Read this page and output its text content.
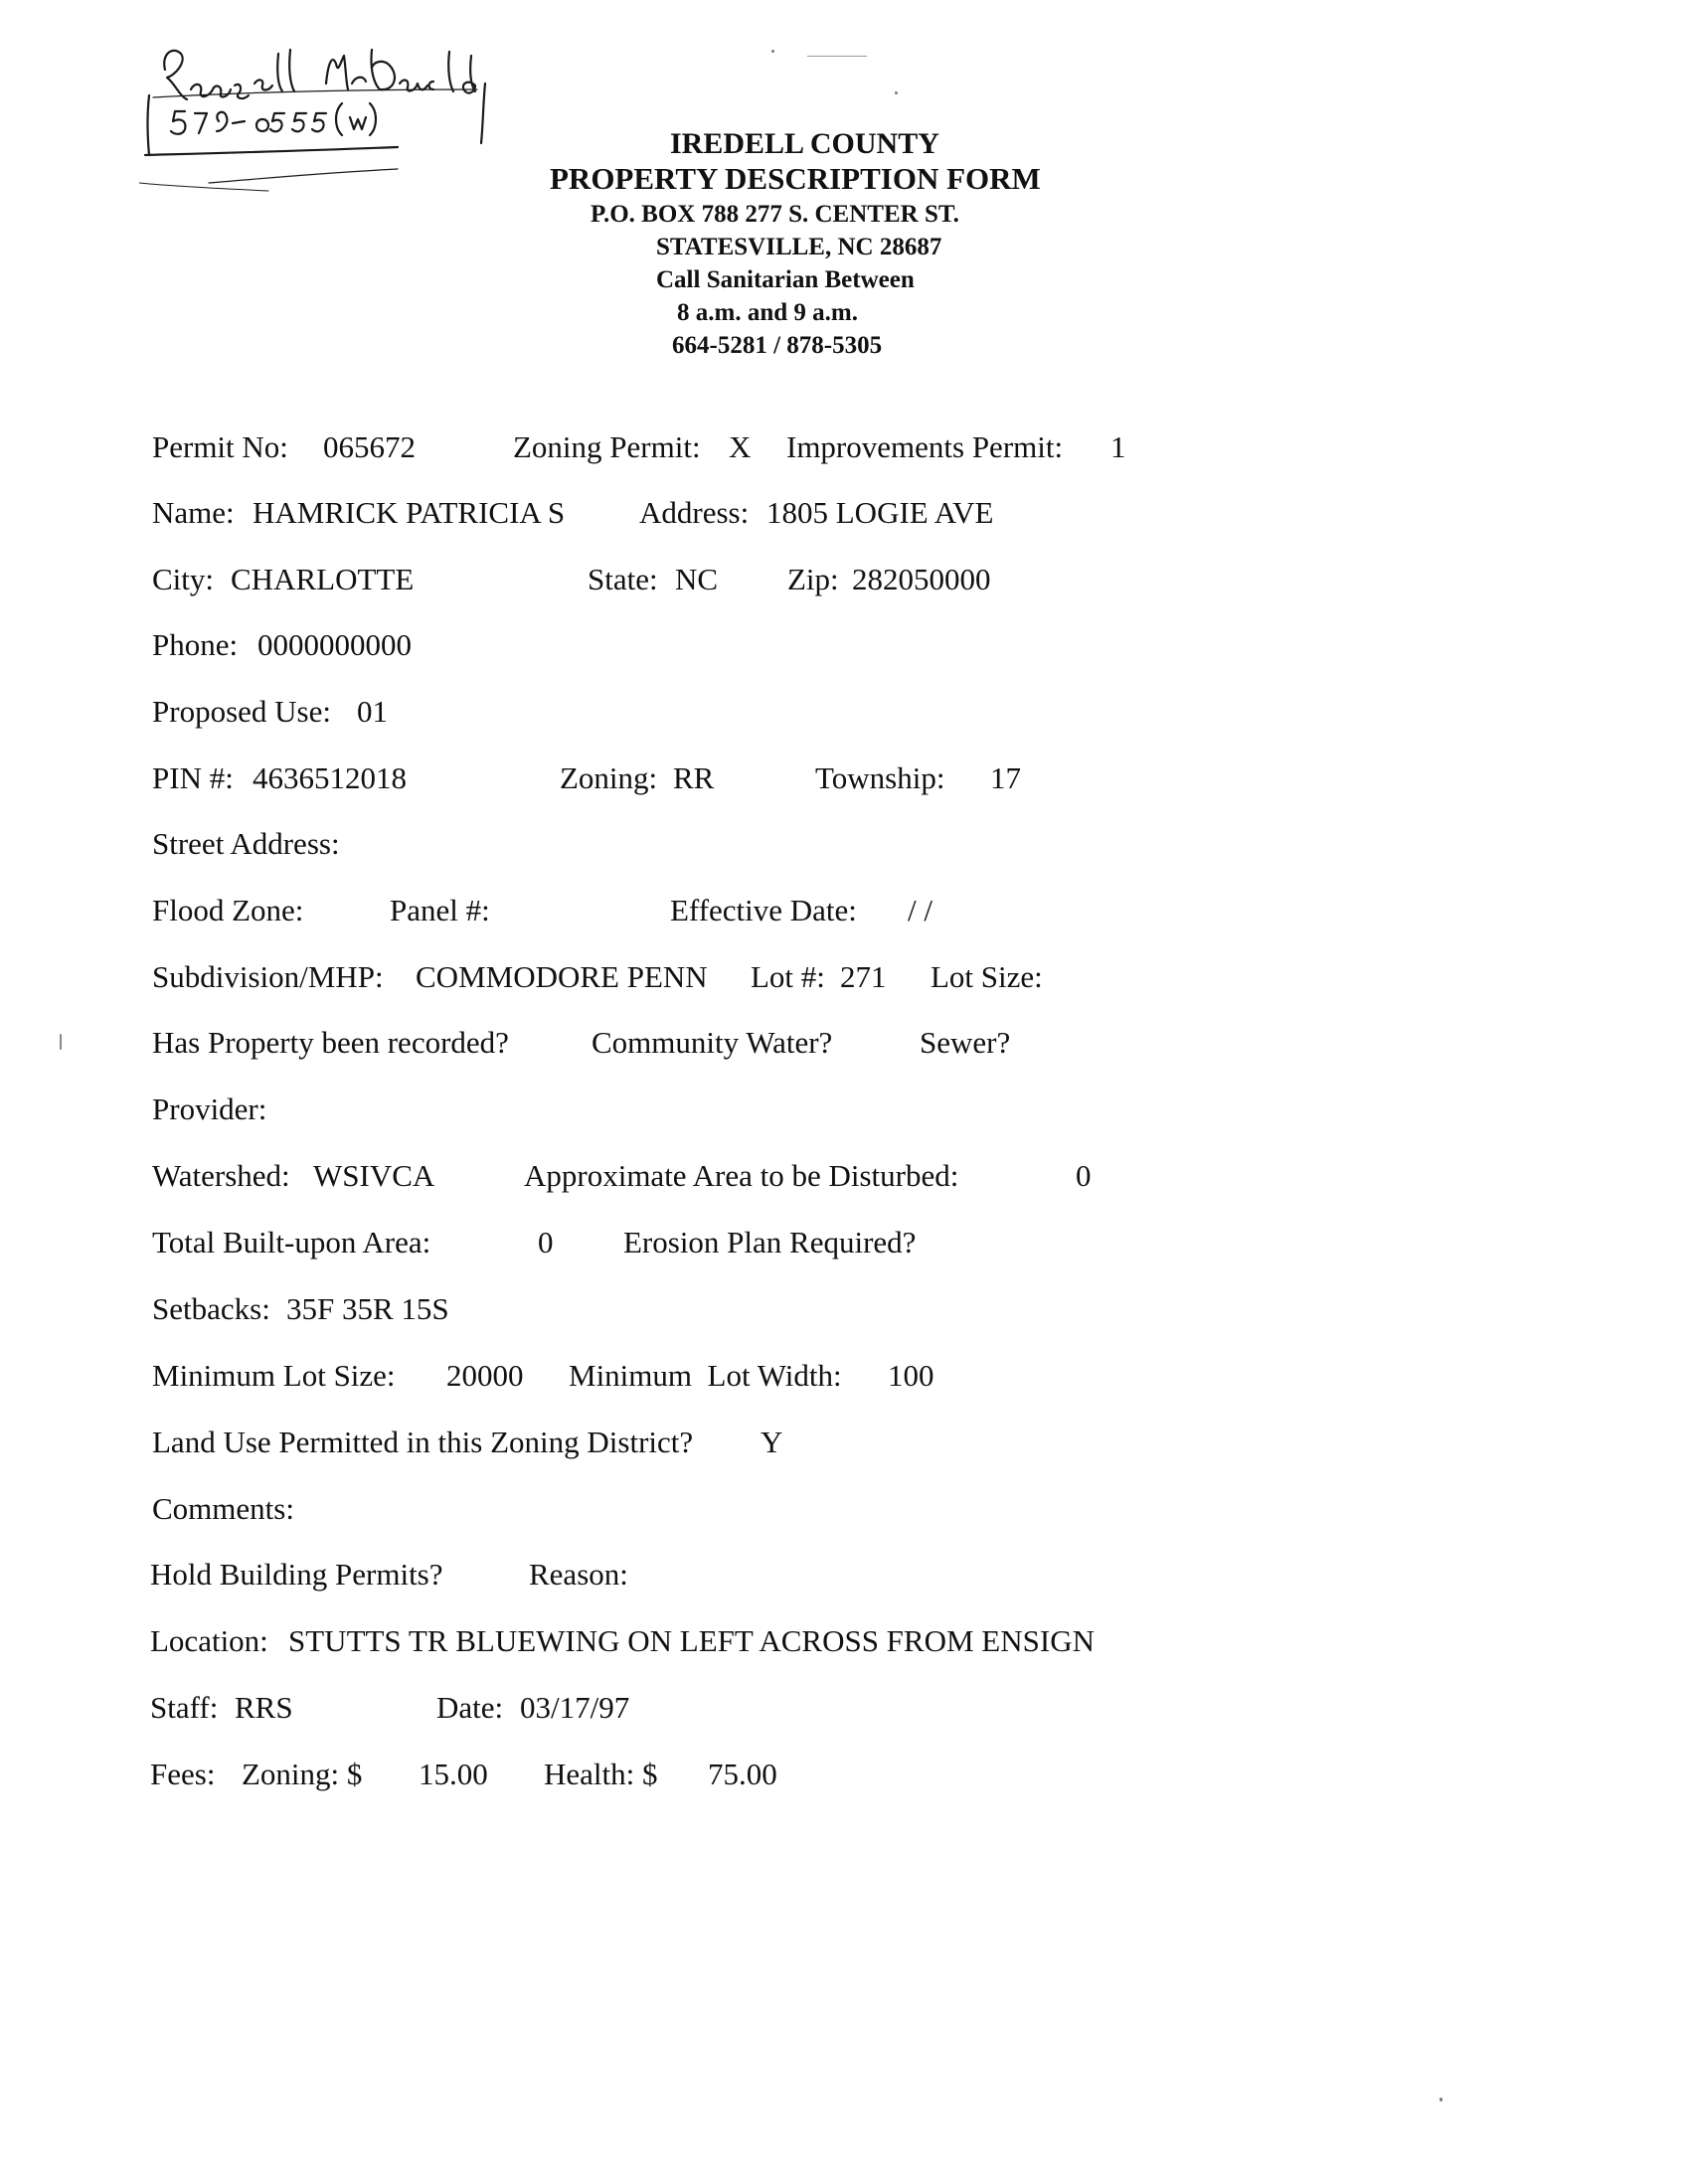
IREDELL COUNTY
PROPERTY DESCRIPTION FORM
P.O. BOX 788 277 S. CENTER ST.
STATESVILLE, NC 28687
Call Sanitarian Between
8 a.m. and 9 a.m.
664-5281 / 878-5305
Permit No: 065672	Zoning Permit: X Improvements Permit: 1
Name: HAMRICK PATRICIA S Address: 1805 LOGIE AVE
City: CHARLOTTE	State: NC Zip: 282050000
Phone: 0000000000
Proposed Use: 01
PIN #: 4636512018	Zoning: RR	Township: 17
Street Address:
Flood Zone:	Panel #:	Effective Date: / /
Subdivision/MHP: COMMODORE PENN Lot #: 271 Lot Size:
Has Property been recorded?	Community Water?	Sewer?
Provider:
Watershed: WSIVCA	Approximate Area to be Disturbed:	0
Total Built-upon Area:	0 Erosion Plan Required?
Setbacks: 35F 35R 15S
Minimum Lot Size: 20000 Minimum  Lot Width: 100
Land Use Permitted in this Zoning District? Y
Comments:
Hold Building Permits?	Reason:
Location: STUTTS TR BLUEWING ON LEFT ACROSS FROM ENSIGN
Staff: RRS	Date: 03/17/97
Fees: Zoning: $ 15.00 Health: $ 75.00
